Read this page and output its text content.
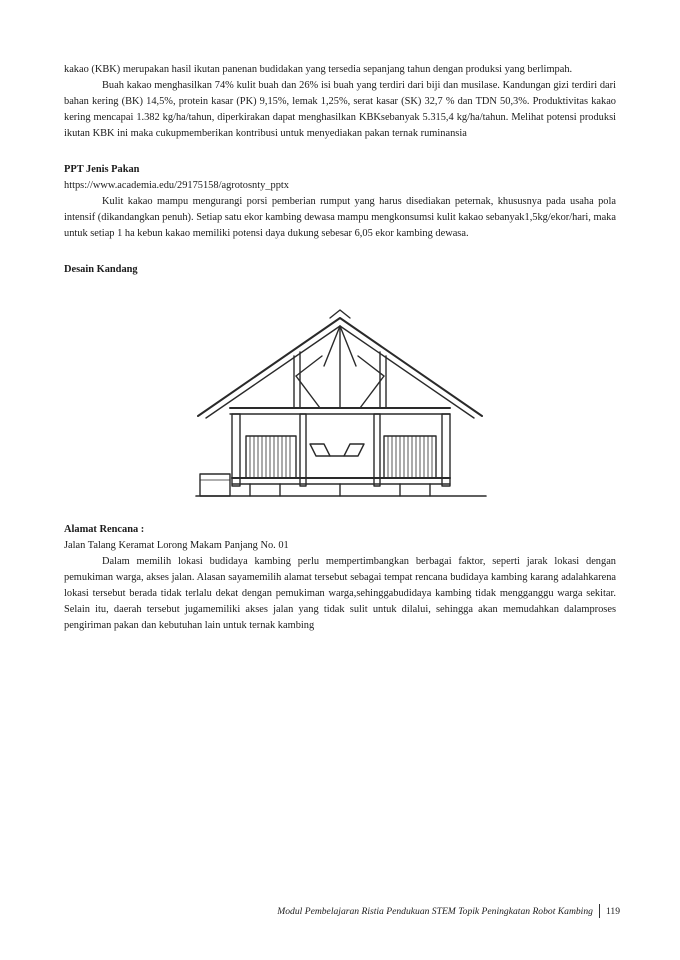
kakao (KBK) merupakan hasil ikutan panenan budidakan yang tersedia sepanjang tahun dengan produksi yang berlimpah.

Buah kakao menghasilkan 74% kulit buah dan 26% isi buah yang terdiri dari biji dan musilase. Kandungan gizi terdiri dari bahan kering (BK) 14,5%, protein kasar (PK) 9,15%, lemak 1,25%, serat kasar (SK) 32,7 % dan TDN 50,3%. Produktivitas kakao kering mencapai 1.382 kg/ha/tahun, diperkirakan dapat menghasilkan KBKsebanyak 5.315,4 kg/ha/tahun. Melihat potensi produksi ikutan KBK ini maka cukupmemberikan kontribusi untuk menyediakan pakan ternak ruminansia

PPT Jenis Pakan

https://www.academia.edu/29175158/agrotosnty_pptx

Kulit kakao mampu mengurangi porsi pemberian rumput yang harus disediakan peternak, khususnya pada usaha pola intensif (dikandangkan penuh). Setiap satu ekor kambing dewasa mampu mengkonsumsi kulit kakao sebanyak1,5kg/ekor/hari, maka untuk setiap 1 ha kebun kakao memiliki potensi daya dukung sebesar 6,05 ekor kambing dewasa.

Desain Kandang

Alamat Rencana :

Jalan Talang Keramat Lorong Makam Panjang No. 01

Dalam memilih lokasi budidaya kambing perlu mempertimbangkan berbagai faktor, seperti jarak lokasi dengan pemukiman warga, akses jalan. Alasan sayamemilih alamat tersebut sebagai tempat rencana budidaya kambing karang adalahkarena lokasi tersebut berada tidak terlalu dekat dengan pemukiman warga,sehinggabudidaya kambing tidak mengganggu warga sekitar. Selain itu, daerah tersebut jugamemiliki akses jalan yang tidak sulit untuk dilalui, sehingga akan memudahkan dalamproses pengiriman pakan dan kebutuhan lain untuk ternak kambing

Modul Pembelajaran Ristia Pendukuan STEM Topik Peningkatan Robot Kambing 119
